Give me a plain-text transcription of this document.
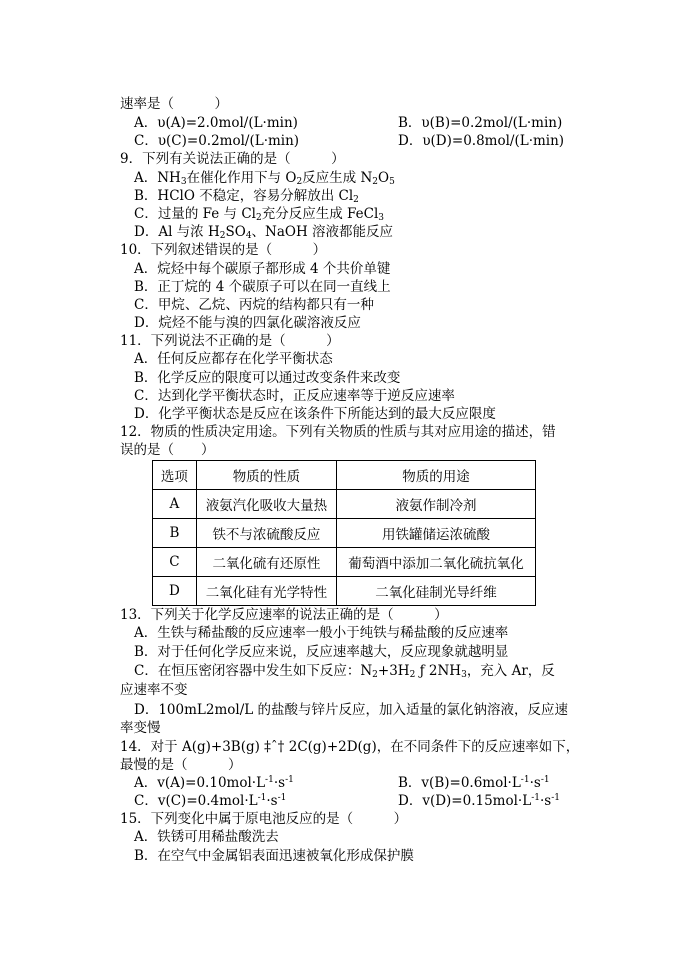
速率是（　　　）
A．υ(A)=2.0mol/(L·min)	B．υ(B)=0.2mol/(L·min)
C．υ(C)=0.2mol/(L·min)	D．υ(D)=0.8mol/(L·min)
9．下列有关说法正确的是（　　　）
A．$NH_3$在催化作用下与 $O_2$反应生成 $N_2O_5$
B．HClO 不稳定，容易分解放出 $Cl_2$
C．过量的 Fe 与 $Cl_2$充分反应生成 FeCl$_3$
D．Al 与浓 $H_2SO_4$、NaOH 溶液都能反应
10．下列叙述错误的是（　　　）
A．烷烃中每个碳原子都形成 4 个共价单键
B．正丁烷的 4 个碳原子可以在同一直线上
C．甲烷、乙烷、丙烷的结构都只有一种
D．烷烃不能与溴的四氯化碳溶液反应
11．下列说法不正确的是（　　　）
A．任何反应都存在化学平衡状态
B．化学反应的限度可以通过改变条件来改变
C．达到化学平衡状态时，正反应速率等于逆反应速率
D．化学平衡状态是反应在该条件下所能达到的最大反应限度
12．物质的性质决定用途。下列有关物质的性质与其对应用途的描述，错
误的是（　　）
选项	物质的性质	物质的用途
A	液氨汽化吸收大量热	液氨作制冷剂
B	铁不与浓硫酸反应	用铁罐储运浓硫酸
C	二氧化硫有还原性	葡萄酒中添加二氧化硫抗氧化
D	二氧化硅有光学特性	二氧化硅制光导纤维
13．下列关于化学反应速率的说法正确的是（　　　）
A．生铁与稀盐酸的反应速率一般小于纯铁与稀盐酸的反应速率
B．对于任何化学反应来说，反应速率越大，反应现象就越明显
C．在恒压密闭容器中发生如下反应：$N_2+3H_2$ ƒ $2NH_3$，充入 Ar，反
应速率不变
D．100mL2mol/L 的盐酸与锌片反应，加入适量的氯化钠溶液，反应速
率变慢
14．对于 A(g)+3B(g) ‡ˆ† 2C(g)+2D(g)，在不同条件下的反应速率如下，
最慢的是（　　　）
A．$v(A)=0.10mol\cdot L^{-1}\cdot s^{-1}$	B．$v(B)=0.6mol\cdot L^{-1}\cdot s^{-1}$
C．$v(C)=0.4mol\cdot L^{-1}\cdot s^{-1}$	D．$v(D)=0.15mol\cdot L^{-1}\cdot s^{-1}$
15．下列变化中属于原电池反应的是（　　　）
A．铁锈可用稀盐酸洗去
B．在空气中金属铝表面迅速被氧化形成保护膜
